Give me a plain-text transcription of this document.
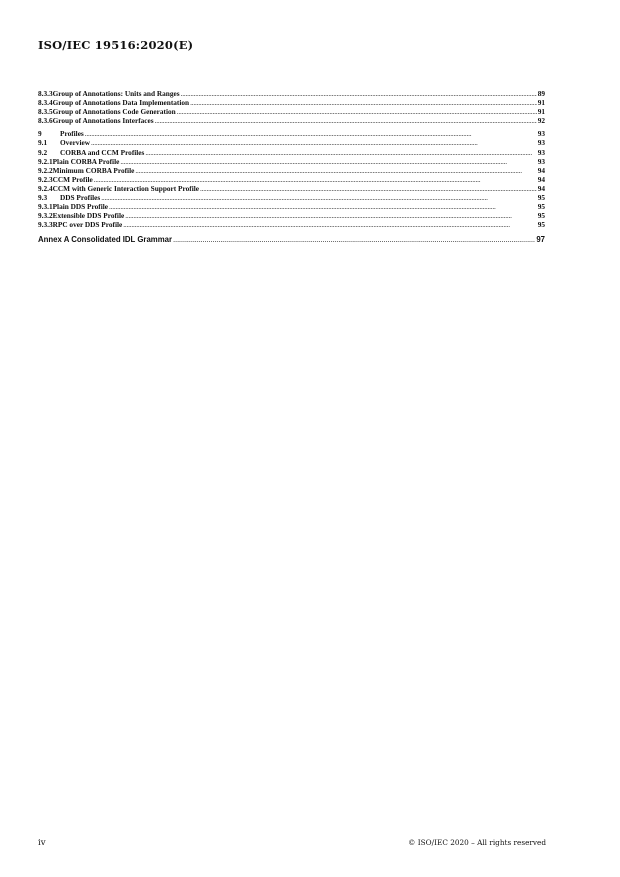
ISO/IEC 19516:2020(E)
8.3.3 Group of Annotations: Units and Ranges .....	89
8.3.4 Group of Annotations Data Implementation .....	91
8.3.5 Group of Annotations Code Generation .....	91
8.3.6 Group of Annotations Interfaces .....	92
9	Profiles .....	93
9.1	Overview .....	93
9.2	CORBA and CCM Profiles .....	93
9.2.1 Plain CORBA Profile .....	93
9.2.2 Minimum CORBA Profile .....	94
9.2.3 CCM Profile .....	94
9.2.4 CCM with Generic Interaction Support Profile .....	94
9.3	DDS Profiles .....	95
9.3.1 Plain DDS Profile .....	95
9.3.2 Extensible DDS Profile .....	95
9.3.3 RPC over DDS Profile .....	95
Annex A Consolidated IDL Grammar .....	97
iv	© ISO/IEC 2020 – All rights reserved
